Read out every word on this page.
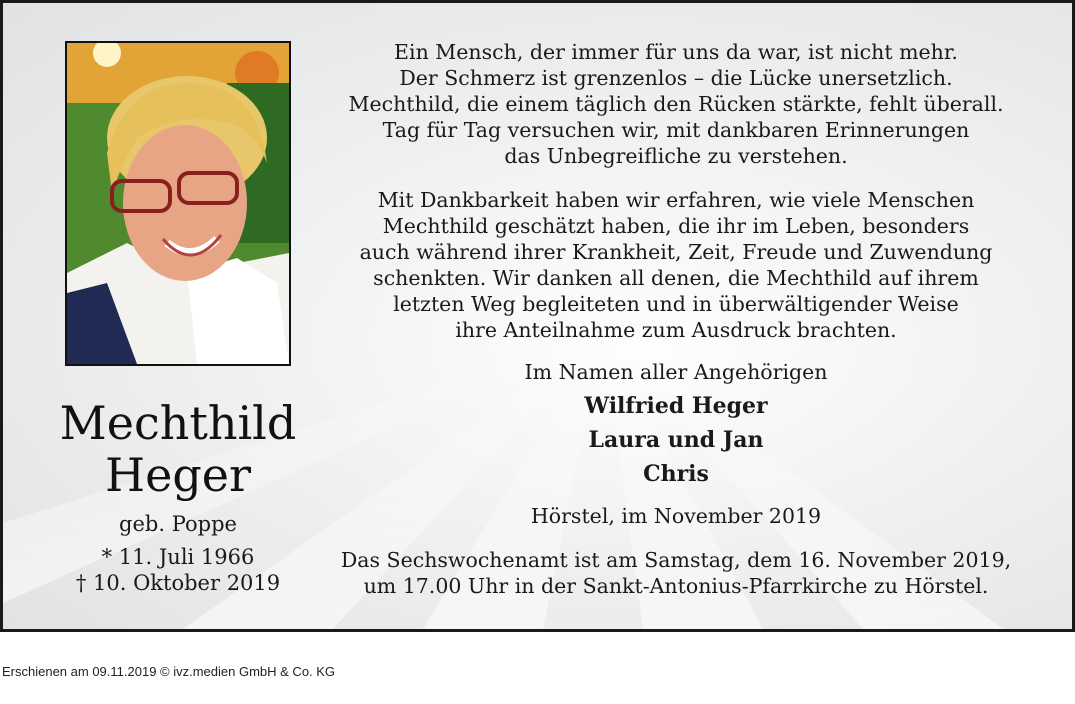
Mechthild
Heger
geb. Poppe
* 11. Juli 1966
† 10. Oktober 2019

Ein Mensch, der immer für uns da war, ist nicht mehr.

Der Schmerz ist grenzenlos – die Lücke unersetzlich.

Mechthild, die einem täglich den Rücken stärkte, fehlt überall.

Tag für Tag versuchen wir, mit dankbaren Erinnerungen

das Unbegreifliche zu verstehen.

Mit Dankbarkeit haben wir erfahren, wie viele Menschen

Mechthild geschätzt haben, die ihr im Leben, besonders

auch während ihrer Krankheit, Zeit, Freude und Zuwendung

schenkten. Wir danken all denen, die Mechthild auf ihrem

letzten Weg begleiteten und in überwältigender Weise

ihre Anteilnahme zum Ausdruck brachten.

Im Namen aller Angehörigen
Wilfried Heger
Laura und Jan
Chris
Hörstel, im November 2019

Das Sechswochenamt ist am Samstag, dem 16. November 2019,

um 17.00 Uhr in der Sankt-Antonius-Pfarrkirche zu Hörstel.

Erschienen am 09.11.2019 © ivz.medien GmbH & Co. KG
